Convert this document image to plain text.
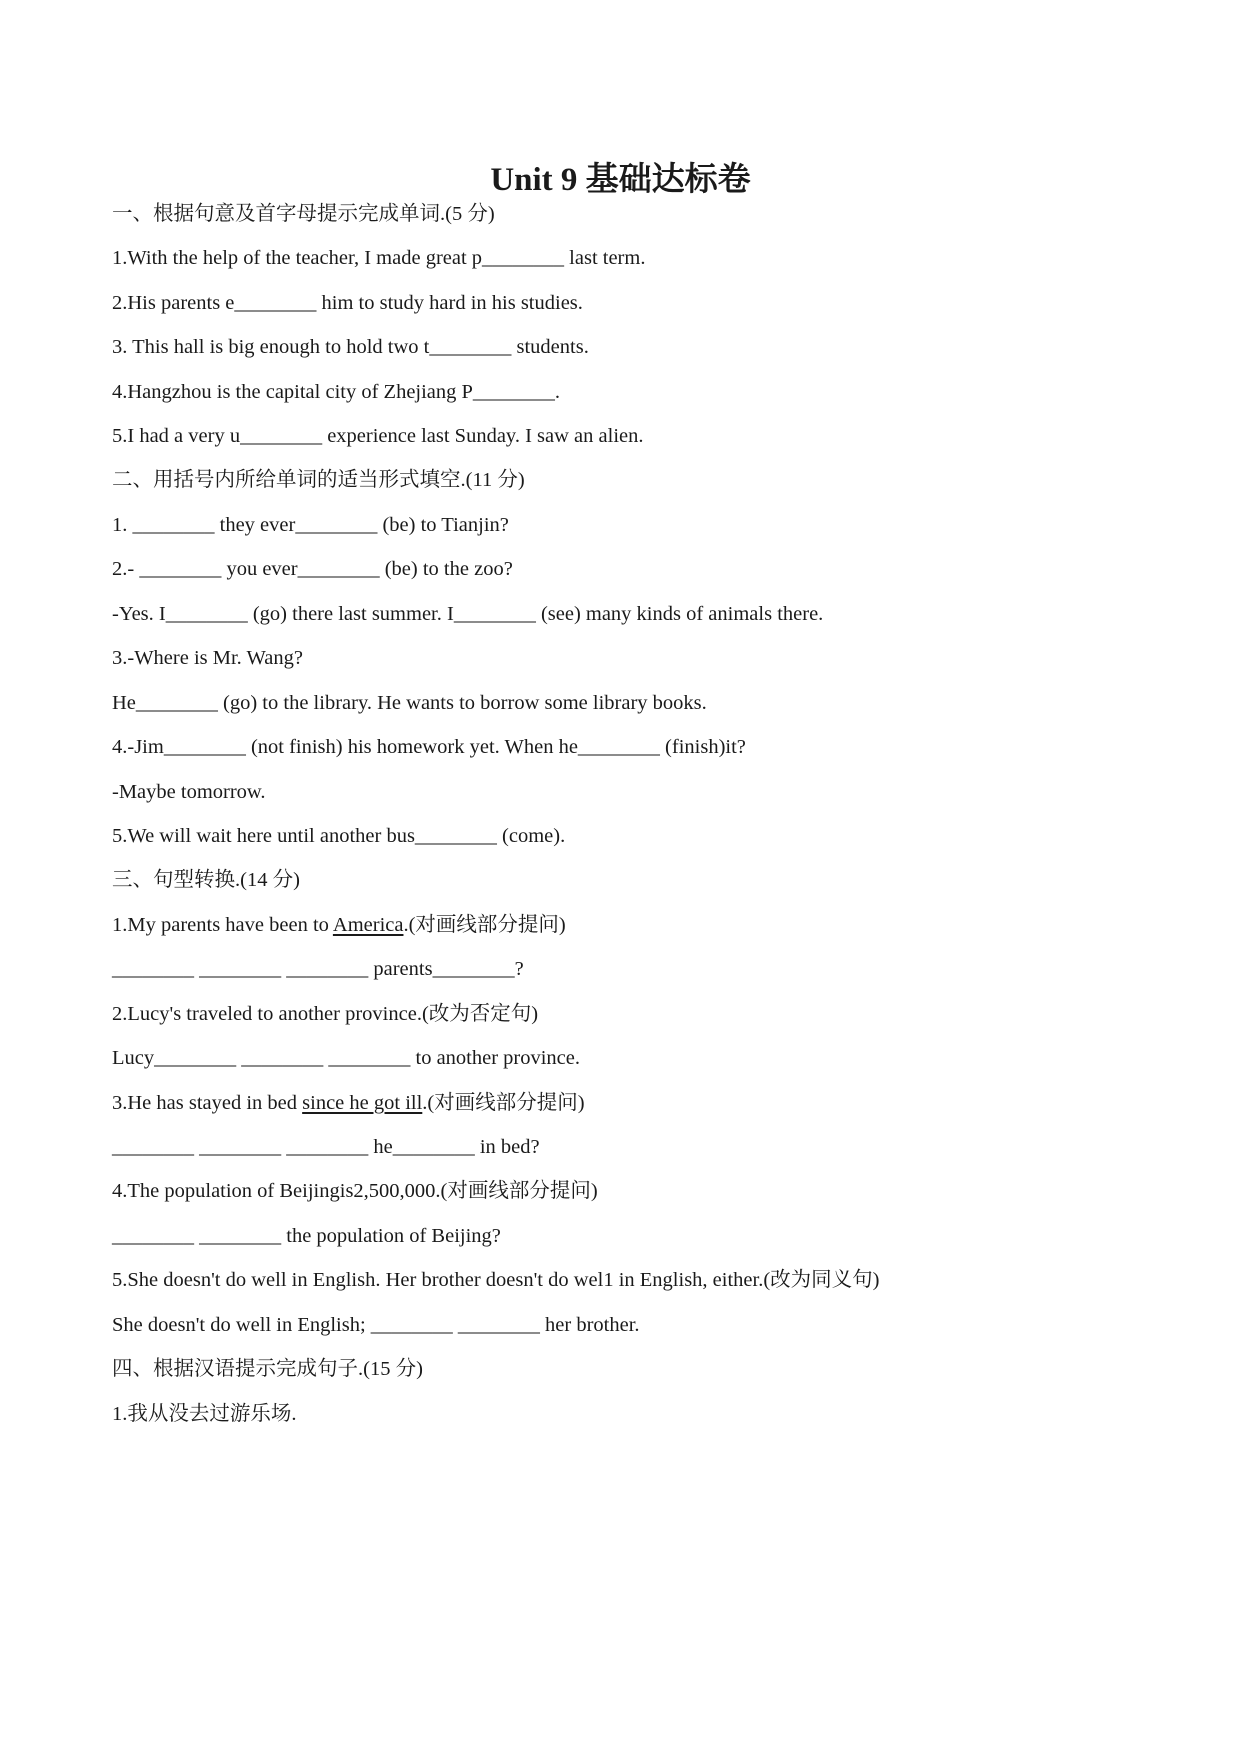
Unit 9 基础达标卷
一、根据句意及首字母提示完成单词.(5 分)
1.With the help of the teacher, I made great p________ last term.
2.His parents e________ him to study hard in his studies.
3. This hall is big enough to hold two t________ students.
4.Hangzhou is the capital city of Zhejiang P________.
5.I had a very u________ experience last Sunday. I saw an alien.
二、用括号内所给单词的适当形式填空.(11 分)
1. ________ they ever________ (be) to Tianjin?
2.- ________ you ever________ (be) to the zoo?
-Yes. I________ (go) there last summer. I________ (see) many kinds of animals there.
3.-Where is Mr. Wang?
He________ (go) to the library. He wants to borrow some library books.
4.-Jim________ (not finish) his homework yet. When he________ (finish)it?
-Maybe tomorrow.
5.We will wait here until another bus________ (come).
三、句型转换.(14 分)
1.My parents have been to America.(对画线部分提问)
________ ________ ________ parents________?
2.Lucy's traveled to another province.(改为否定句)
Lucy________ ________ ________ to another province.
3.He has stayed in bed since he got ill.(对画线部分提问)
________ ________ ________ he________ in bed?
4.The population of Beijingis2,500,000.(对画线部分提问)
________ ________ the population of Beijing?
5.She doesn't do well in English. Her brother doesn't do wel1 in English, either.(改为同义句)
She doesn't do well in English; ________ ________ her brother.
四、根据汉语提示完成句子.(15 分)
1.我从没去过游乐场.
